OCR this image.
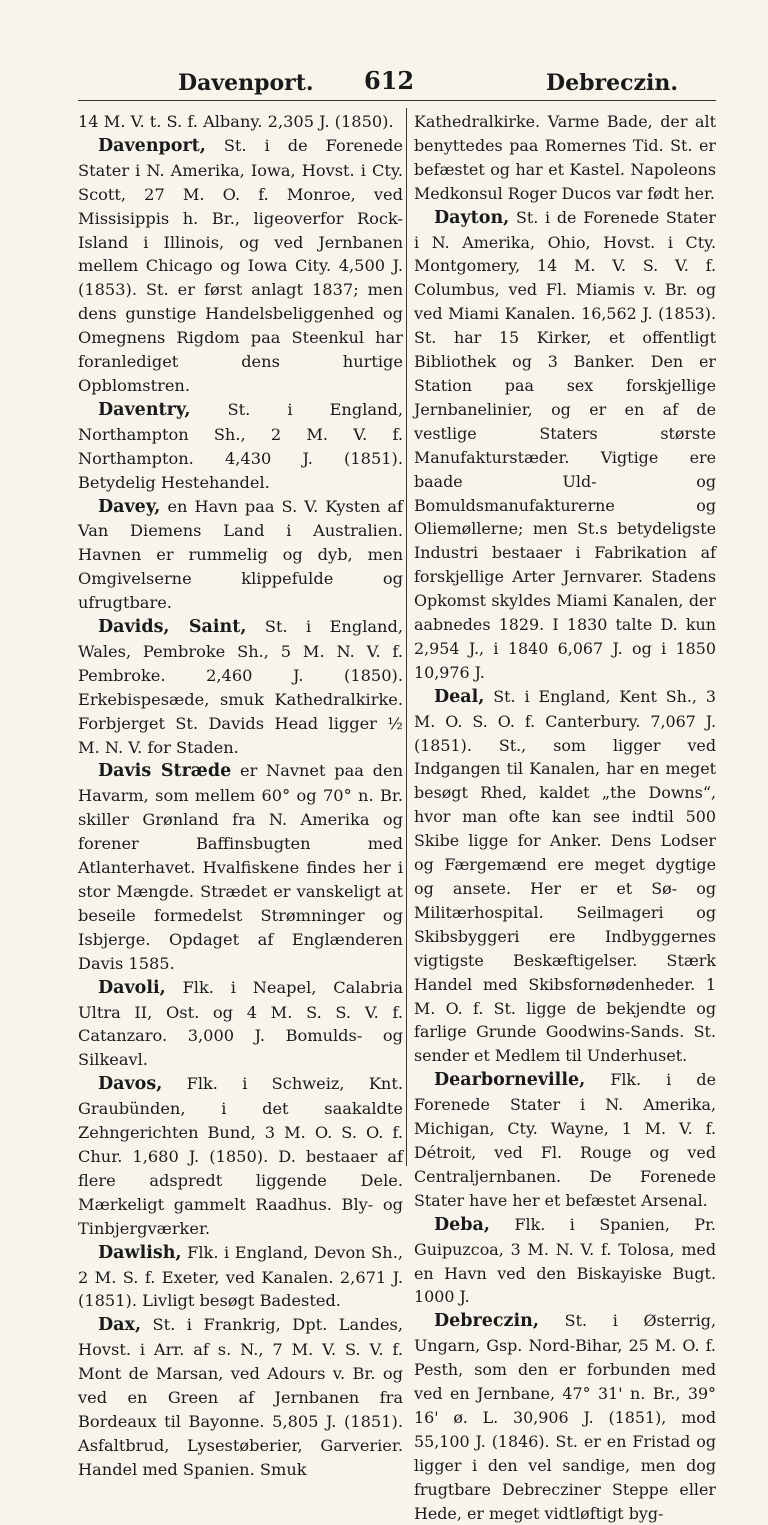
Davenport. 612	Debreczin.

14 M. V. t. S. f. Albany. 2,305 J. (1850).

Davenport, St. i de Forenede Stater i N. Amerika, Iowa, Hovst. i Cty. Scott, 27 M. O. f. Monroe, ved Missisippis h. Br., ligeoverfor Rock-Island i Illinois, og ved Jernbanen mellem Chicago og Iowa City. 4,500 J. (1853). St. er først anlagt 1837; men dens gunstige Handelsbeliggenhed og Omegnens Rigdom paa Steenkul har foranlediget dens hurtige Opblomstren.

Daventry, St. i England, Northampton Sh., 2 M. V. f. Northampton. 4,430 J. (1851). Betydelig Hestehandel.

Davey, en Havn paa S. V. Kysten af Van Diemens Land i Australien. Havnen er rummelig og dyb, men Omgivelserne klippefulde og ufrugtbare.

Davids, Saint, St. i England, Wales, Pembroke Sh., 5 M. N. V. f. Pembroke. 2,460 J. (1850). Erkebispesæde, smuk Kathedralkirke. Forbjerget St. Davids Head ligger ½ M. N. V. for Staden.

Davis Stræde er Navnet paa den Havarm, som mellem 60° og 70° n. Br. skiller Grønland fra N. Amerika og forener Baffinsbugten med Atlanterhavet. Hvalfiskene findes her i stor Mængde. Strædet er vanskeligt at beseile formedelst Strømninger og Isbjerge. Opdaget af Englænderen Davis 1585.

Davoli, Flk. i Neapel, Calabria Ultra II, Ost. og 4 M. S. S. V. f. Catanzaro. 3,000 J. Bomulds- og Silkeavl.

Davos, Flk. i Schweiz, Knt. Graubünden, i det saakaldte Zehngerichten Bund, 3 M. O. S. O. f. Chur. 1,680 J. (1850). D. bestaaer af flere adspredt liggende Dele. Mærkeligt gammelt Raadhus. Bly- og Tinbjergværker.

Dawlish, Flk. i England, Devon Sh., 2 M. S. f. Exeter, ved Kanalen. 2,671 J. (1851). Livligt besøgt Badested.

Dax, St. i Frankrig, Dpt. Landes, Hovst. i Arr. af s. N., 7 M. V. S. V. f. Mont de Marsan, ved Adours v. Br. og ved en Green af Jernbanen fra Bordeaux til Bayonne. 5,805 J. (1851). Asfaltbrud, Lysestøberier, Garverier. Handel med Spanien. Smuk

Kathedralkirke. Varme Bade, der alt benyttedes paa Romernes Tid. St. er befæstet og har et Kastel. Napoleons Medkonsul Roger Ducos var født her.

Dayton, St. i de Forenede Stater i N. Amerika, Ohio, Hovst. i Cty. Montgomery, 14 M. V. S. V. f. Columbus, ved Fl. Miamis v. Br. og ved Miami Kanalen. 16,562 J. (1853). St. har 15 Kirker, et offentligt Bibliothek og 3 Banker. Den er Station paa sex forskjellige Jernbanelinier, og er en af de vestlige Staters største Manufakturstæder. Vigtige ere baade Uld- og Bomuldsmanufakturerne og Oliemøllerne; men St.s betydeligste Industri bestaaer i Fabrikation af forskjellige Arter Jernvarer. Stadens Opkomst skyldes Miami Kanalen, der aabnedes 1829. I 1830 talte D. kun 2,954 J., i 1840 6,067 J. og i 1850 10,976 J.

Deal, St. i England, Kent Sh., 3 M. O. S. O. f. Canterbury. 7,067 J. (1851). St., som ligger ved Indgangen til Kanalen, har en meget besøgt Rhed, kaldet „the Downs“, hvor man ofte kan see indtil 500 Skibe ligge for Anker. Dens Lodser og Færgemænd ere meget dygtige og ansete. Her er et Sø- og Militærhospital. Seilmageri og Skibsbyggeri ere Indbyggernes vigtigste Beskæftigelser. Stærk Handel med Skibsfornødenheder. 1 M. O. f. St. ligge de bekjendte og farlige Grunde Goodwins-Sands. St. sender et Medlem til Underhuset.

Dearborneville, Flk. i de Forenede Stater i N. Amerika, Michigan, Cty. Wayne, 1 M. V. f. Détroit, ved Fl. Rouge og ved Centraljernbanen. De Forenede Stater have her et befæstet Arsenal.

Deba, Flk. i Spanien, Pr. Guipuzcoa, 3 M. N. V. f. Tolosa, med en Havn ved den Biskayiske Bugt. 1000 J.

Debreczin, St. i Østerrig, Ungarn, Gsp. Nord-Bihar, 25 M. O. f. Pesth, som den er forbunden med ved en Jernbane, 47° 31' n. Br., 39° 16' ø. L. 30,906 J. (1851), mod 55,100 J. (1846). St. er en Fristad og ligger i den vel sandige, men dog frugtbare Debrecziner Steppe eller Hede, er meget vidtløftigt byg-
